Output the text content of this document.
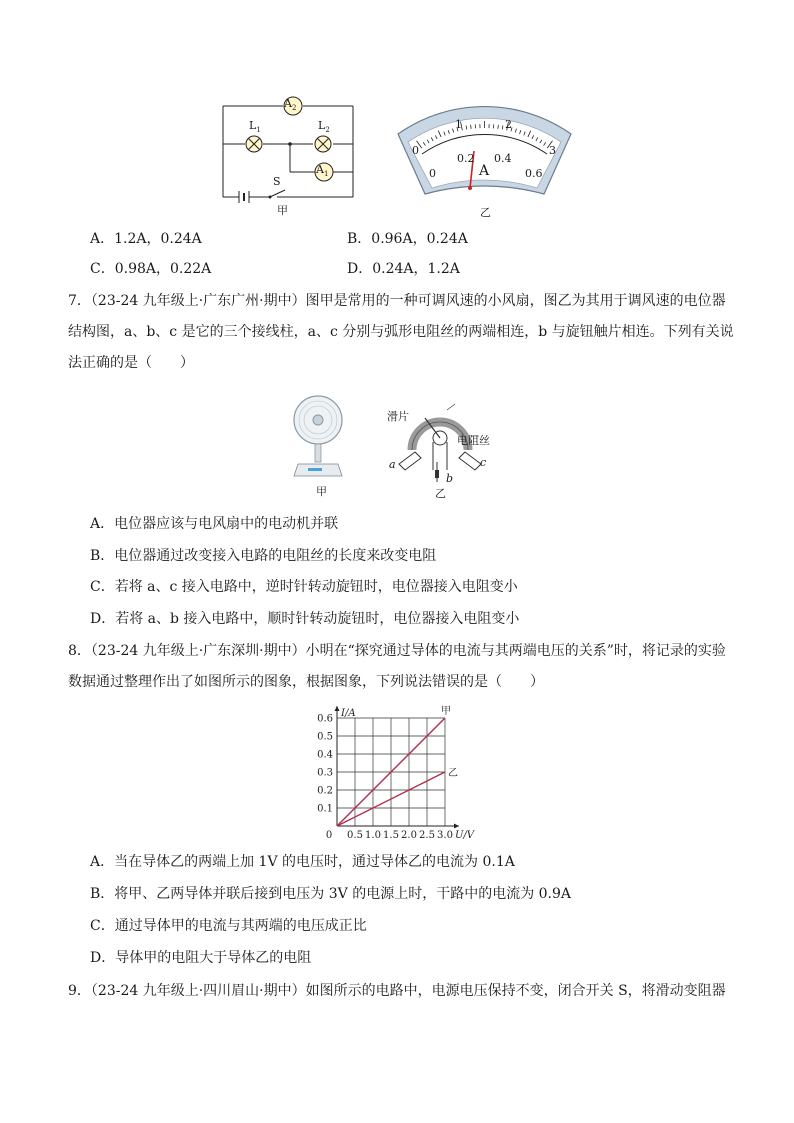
$A_2$
$L_1$	$L_2$
$A_1$
S
甲
0
1	2
3
0
0.2 0.4
0.6
A
乙
A．1.2A，0.24A	B．0.96A，0.24A
C．0.98A，0.22A	D．0.24A，1.2A
7．（23-24 九年级上·广东广州·期中）图甲是常用的一种可调风速的小风扇，图乙为其用于调风速的电位器
结构图，a、b、c 是它的三个接线柱，a、c 分别与弧形电阻丝的两端相连，b 与旋钮触片相连。下列有关说
法正确的是（　　）
甲
滑片
电阻丝
a
b
c
乙
A．电位器应该与电风扇中的电动机并联
B．电位器通过改变接入电路的电阻丝的长度来改变电阻
C．若将 a、c 接入电路中，逆时针转动旋钮时，电位器接入电阻变小
D．若将 a、b 接入电路中，顺时针转动旋钮时，电位器接入电阻变小
8．（23-24 九年级上·广东深圳·期中）小明在“探究通过导体的电流与其两端电压的关系”时，将记录的实验
数据通过整理作出了如图所示的图象，根据图象，下列说法错误的是（　　）
0 0.5 1.0 1.5 2.0 2.5 3.0
0.1
0.2
0.3
0.4
0.5
0.6 I/A
U/V
甲
乙
A．当在导体乙的两端上加 1V 的电压时，通过导体乙的电流为 0.1A
B．将甲、乙两导体并联后接到电压为 3V 的电源上时，干路中的电流为 0.9A
C．通过导体甲的电流与其两端的电压成正比
D．导体甲的电阻大于导体乙的电阻
9．（23-24 九年级上·四川眉山·期中）如图所示的电路中，电源电压保持不变，闭合开关 S，将滑动变阻器
